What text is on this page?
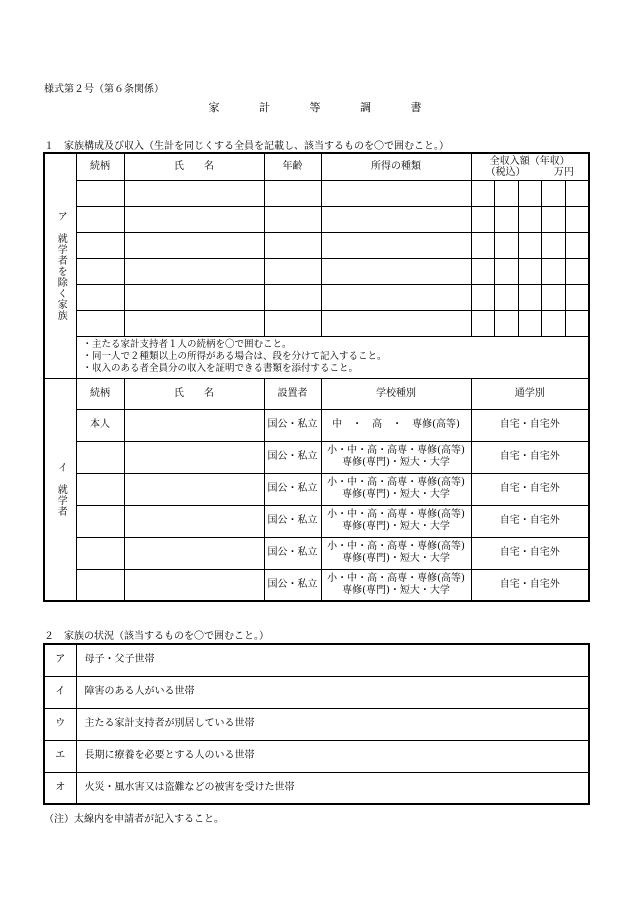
様式第２号（第６条関係）
家 計 等 調 書
１　家族構成及び収入（生計を同じくする全員を記載し、該当するものを〇で囲むこと。）
ア　就学者を除く家族	続柄	氏　　名	年齢	所得の種類	全収入額（年収）
（税込） 万円

	・主たる家計支持者１人の続柄を〇で囲むこと。
・同一人で２種類以上の所得がある場合は、段を分けて記入すること。
・収入のある者全員分の収入を証明できる書類を添付すること。				

イ　就学者	続柄	氏　　名	設置者	学校種別	通学別
	本人		国公・私立	中　・　高　・　専修(高等)	自宅・自宅外
			国公・私立	小・中・高・高専・専修(高等)
専修(専門)・短大・大学	自宅・自宅外
			国公・私立	小・中・高・高専・専修(高等)
専修(専門)・短大・大学	自宅・自宅外
			国公・私立	小・中・高・高専・専修(高等)
専修(専門)・短大・大学	自宅・自宅外
			国公・私立	小・中・高・高専・専修(高等)
専修(専門)・短大・大学	自宅・自宅外
			国公・私立	小・中・高・高専・専修(高等)
専修(専門)・短大・大学	自宅・自宅外
２　家族の状況（該当するものを〇で囲むこと。）
ア	母子・父子世帯
イ	障害のある人がいる世帯
ウ	主たる家計支持者が別居している世帯
エ	長期に療養を必要とする人のいる世帯
オ	火災・風水害又は盗難などの被害を受けた世帯
（注）太線内を申請者が記入すること。
